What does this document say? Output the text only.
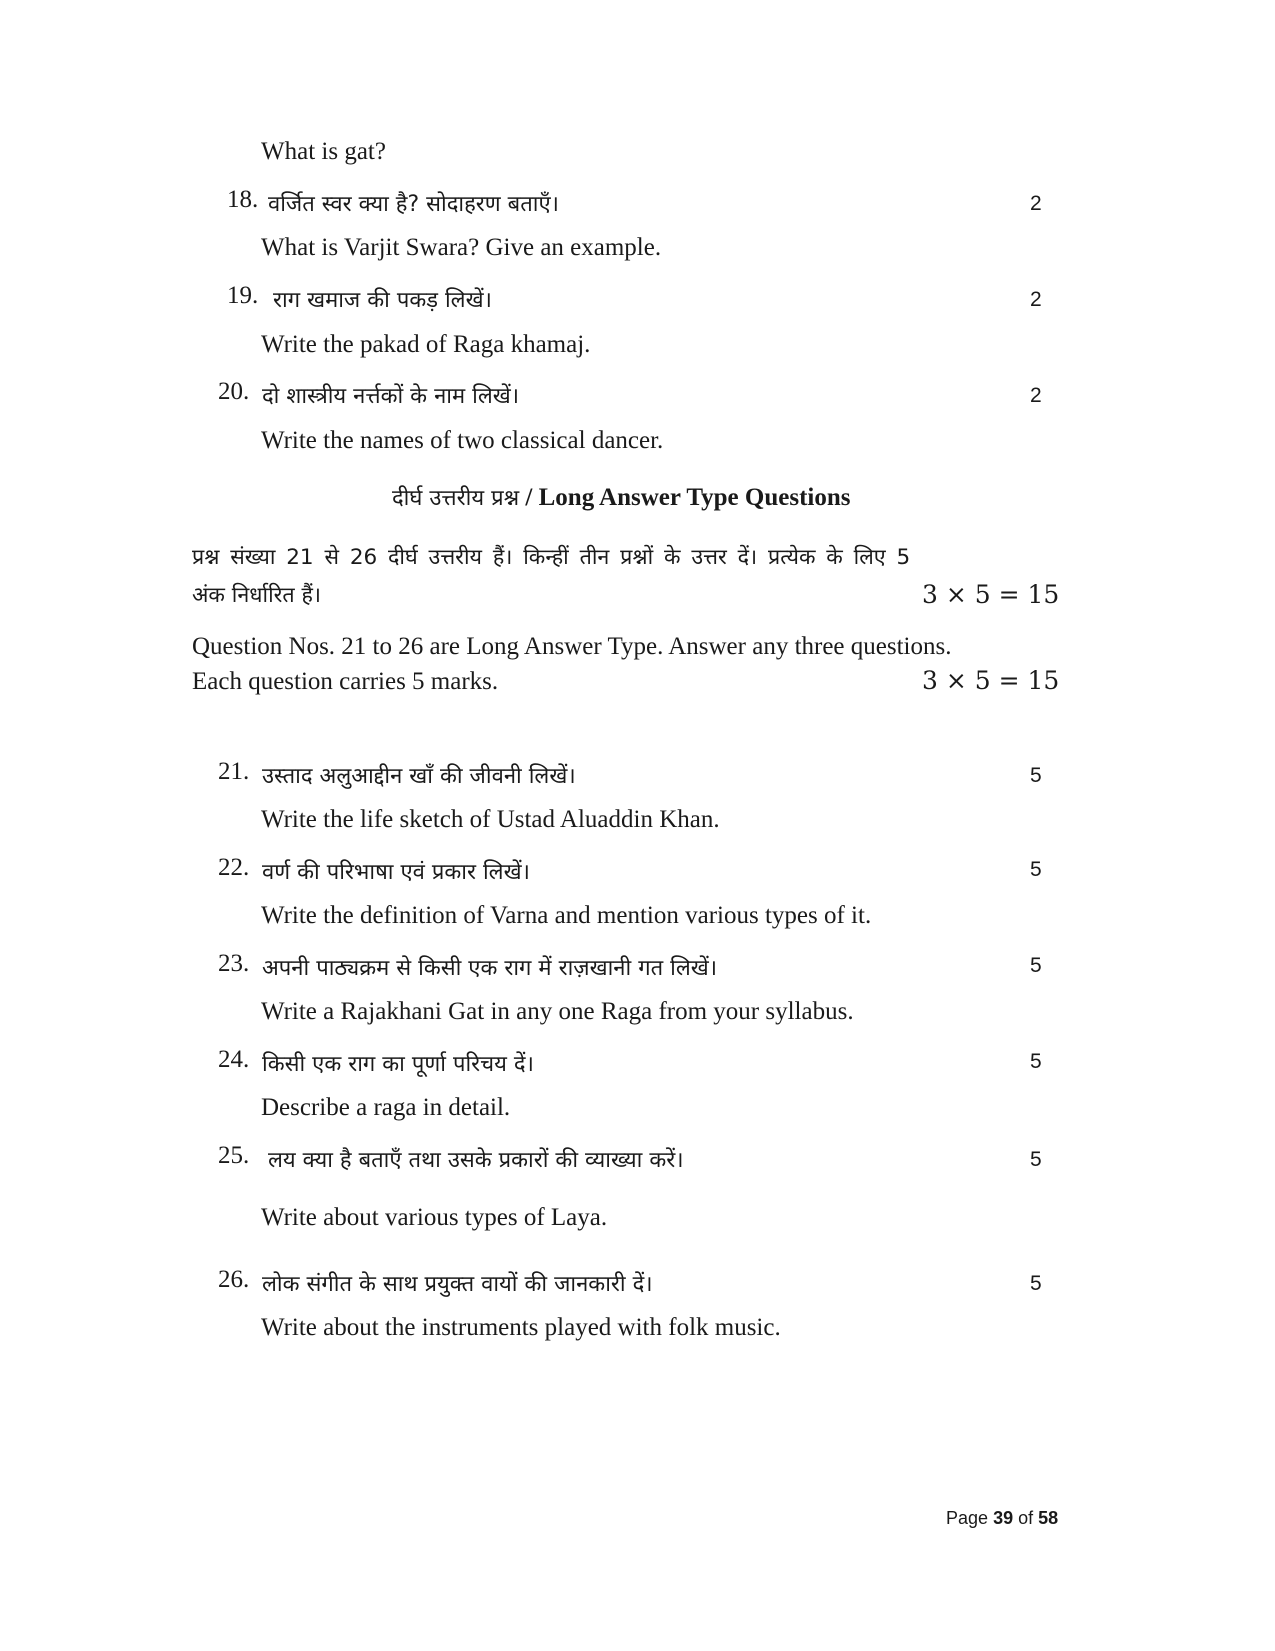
What is gat?
18. वर्जित स्वर क्या है? सोदाहरण बताएँ।	2
What is Varjit Swara? Give an example.
19. राग खमाज की पकड़ लिखें।	2
Write the pakad of Raga khamaj.
20. दो शास्त्रीय नर्त्तकों के नाम लिखें।	2
Write the names of two classical dancer.
दीर्घ उत्तरीय प्रश्न / Long Answer Type Questions
प्रश्न संख्या 21 से 26 दीर्घ उत्तरीय हैं। किन्हीं तीन प्रश्नों के उत्तर दें। प्रत्येक के लिए 5
अंक निर्धारित हैं।	3 × 5 = 15
Question Nos. 21 to 26 are Long Answer Type. Answer any three questions.
Each question carries 5 marks.	3 × 5 = 15
21. उस्ताद अलुआद्दीन खाँ की जीवनी लिखें।	5
Write the life sketch of Ustad Aluaddin Khan.
22. वर्ण की परिभाषा एवं प्रकार लिखें।	5
Write the definition of Varna and mention various types of it.
23. अपनी पाठ्यक्रम से किसी एक राग में राज़खानी गत लिखें।	5
Write a Rajakhani Gat in any one Raga from your syllabus.
24. किसी एक राग का पूर्णा परिचय दें।	5
Describe a raga in detail.
25. लय क्या है बताएँ तथा उसके प्रकारों की व्याख्या करें।	5
Write about various types of Laya.
26. लोक संगीत के साथ प्रयुक्त वायों की जानकारी दें।	5
Write about the instruments played with folk music.
Page 39 of 58
